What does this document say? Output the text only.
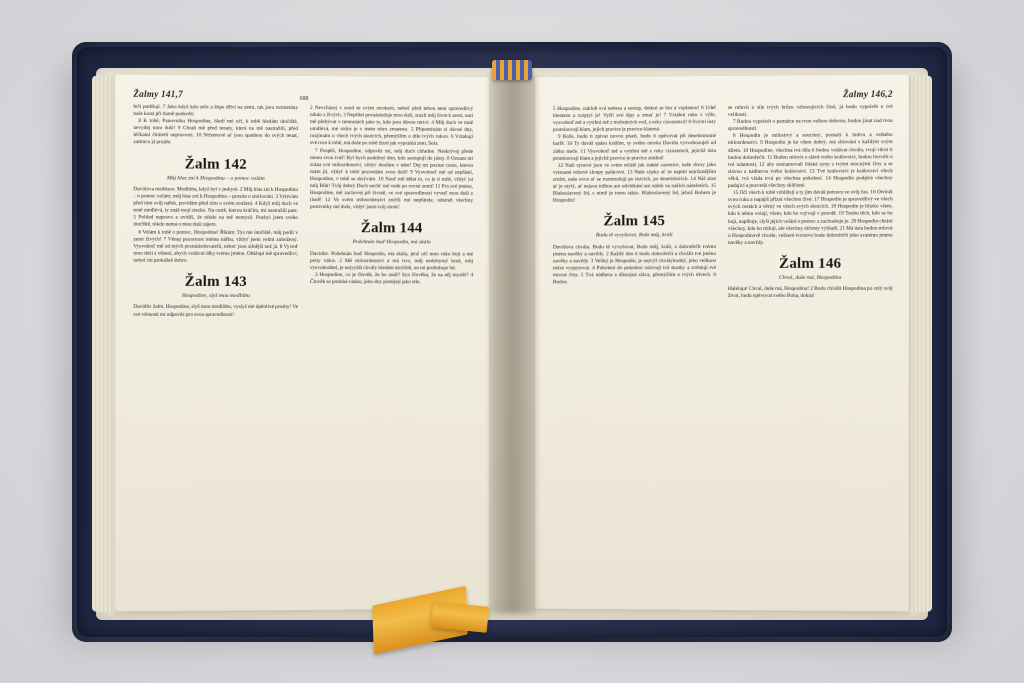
Žalmy 141,7	688

řeči potěšují. 7 Jako když kdo seče a štípe dříví na zemi, tak jsou rozmetány naše kosti při tlamě podsvětí.

8 K tobě, Panovníku Hospodine, hledí mé oči, k tobě hledám útočiště, nevydej mou duši! 9 Chraň mě před tenaty, která na mě nastražili, před léčkami činitelů nepravosti. 10 Ničemové ať jsou spadnou do svých tenat, zatímco já projdu.

Žalm 142
Můj hlas zní k Hospodinu – o pomoc volám

Davidova meditace. Modlitba, když byl v jeskyni. 2 Můj hlas zní k Hospodinu – o pomoc volám; můj hlas zní k Hospodinu – prosím o smilování. 3 Vylévám před ním svůj nářek, povídám před ním o svém soužení. 4 Když můj duch ve mně umdlévá, ty znáš moji stezku. Na cestě, kterou kráčím, mi nastražili past. 5 Pohled napravo a uvidíš, že nikdo na mě nemyslí. Pozbyl jsem svého útočiště, nikdo nemá o mou duši zájem.

6 Volám k tobě o pomoc, Hospodine! Říkám: Tys mé útočiště, můj podíl v zemi živých! 7 Věnuj pozornost mému nářku, vždyť jsem velmi zubožený. Vysvoboď mě od mých pronásledovatelů, neboť jsou silnější než já. 8 Vyveď mou duši z vězení, abych vzdával díky tvému jménu. Obklopí mě spravedliví, neboť mi prokážeš dobro.

Žalm 143
Hospodine, slyš mou modlitbu

Davidův žalm. Hospodine, slyš mou modlitbu, vyslyš mé úpěnlivé prosby! Ve své věrnosti mi odpověz pro svou spravedlnost!

2 Nevcházej v soud se svým otrokem, neboť před tebou není spravedlivý nikdo z živých. 3 Nepřítel pronásleduje mou duši, srazil můj život k zemi, nutí mě přebývat v temnotách jako ty, kdo jsou dávno mrtví. 4 Můj duch ve mně umdlévá, mé srdce je v mém nitru zmateno. 5 Připomínám si dávné dny, rozjímám o všech tvých skutcích, přemýšlím o díle tvých rukou. 6 Vztahuji své ruce k tobě, má duše po tobě žízní jak vyprahlá zem. Sela.

7 Pospěš, Hospodine, odpověz mi, můj duch chřadne. Neskrývej přede mnou svou tvář! Byl bych podobný těm, kdo sestupují do jámy. 8 Oznam mi zrána své milosrdenství, vždyť doufám v tebe! Dej mi poznat cestu, kterou mám jít, vždyť k tobě pozvedám svou duši! 9 Vysvoboď mě od nepřátel, Hospodine, v tobě se skrývám. 10 Nauč mě dělat to, co je ti milé, vždyť jsi můj Bůh! Tvůj dobrý Duch nechť mě vede po rovné zemi! 11 Pro své jméno, Hospodine, mě zachovej při životě, ve své spravedlnosti vyveď mou duši z tísně! 12 Ve svém milosrdenství zničíš mé nepřátele, odstraň všechny protivníky mé duše, vždyť jsem tvůj otrok!

Žalm 144
Požehnán buď Hospodin, má skála

Davidův. Požehnán buď Hospodin, má skála, jenž učí mou ruku boji a mé prsty válce. 2 Mé milosrdenství a má tvrz, můj nedobytný hrad, můj vysvoboditel, je nejvyšší chvály hledám útočiště, on mi podrobuje lid.

3 Hospodine, co je člověk, že ho znáš? Syn člověka, že na něj myslíš? 4 Člověk se podobá vánku, jeho dny pomíjejí jako stín.

Žalmy 146,2

5 Hospodine, nakloň svá nebesa a sestup, dotkni se hor a vzplanou! 6 Udeř bleskem a rozptyl je! Vyšli své šípy a zmať je! 7 Vztáhni ruku z výše, vysvoboď mě a vytrhni mě z mohutných vod, z ruky cizozemců! 8 Svými ústy promlouvají klam, jejich pravice je pravice klamná.

9 Bože, budu ti zpívat novou píseň, budu ti opěvovat při desetistrunné harfě. 10 Ty dáváš spásu králům, ty svého otroka Davida vysvobozuješ od zlého meče. 11 Vysvoboď mě a vytrhni mě z ruky cizozemců, jejichž ústa promlouvají klam a jejichž pravice je pravice zrádná!

12 Naši synové jsou ve svém mládí jak statné sazenice, naše dcery jako vytesané rohové sloupy palácové. 13 Naše sýpky ať se naplní nejrůznějším zrním, naše ovce ať se rozmnožují po tisících, po desetitisících. 14 Náš skot ať je otylý, ať nejsou tržbou ani odvlékání ani nářek na našich náměstích. 15 Blahoslavený lid, s nímž je tomu takto. Blahoslavený lid, jehož Bohem je Hospodin!

Žalm 145
Budu tě vyvyšovat, Bože můj, králi

Davidova chvála. Budu tě vyvyšovat, Bože můj, králi, a dobrořečit tvému jménu navěky a navždy. 2 Každý den ti budu dobrořečit a chválit tvé jméno navěky a navždy. 3 Veliký je Hospodin, je nejvýš chvályhodný, jeho velikost nelze vyzpytovat. 4 Pokolení do pokolení oslavují tvé skutky a zvěstují tvé mocné činy. 5 Tvá nádhera a důstojná sláva, přemýšlím o tvých divech. 6 Budou

se mluvit o síle tvých hrůzu vzbuzujících činů, já budu vyprávět o tvé velikosti.

7 Budou vyprávět o památce na tvou velkou dobrotu, budou jásat nad tvou spravedlností.

8 Hospodin je milostivý a soucitný, pomalý k hněvu a velkého milosrdenství. 9 Hospodin je ke všem dobrý, má slitování s každým svým dílem. 10 Hospodine, všechna tvá díla ti budou vzdávat chválu, tvoji věrní ti budou dobrořečit. 11 Budou mluvit o slávě tvého království, budou hovořit o tvé udatnosti, 12 aby seznamovali lidské syny s tvými mocnými činy a se slávou a nádherou tvého království. 13 Tvé království je království všech věků, tvá vláda trvá po všechna pokolení. 14 Hospodin podpírá všechny padající a pozvedá všechny sklíčené.

15 Oči všech k tobě vzhlížejí a ty jim dáváš potravu ve svůj čas. 16 Otvíráš svou ruku a napájíš přízní všechno živé. 17 Hospodin je spravedlivý ve všech svých cestách a věrný ve všech svých skutcích. 18 Hospodin je blízko všem, kdo k němu volají, všem, kdo ho vzývají v pravdě. 19 Touhu těch, kdo se ho bojí, naplňuje, slyší jejich volání o pomoc a zachraňuje je. 20 Hospodin chrání všechny, kdo ho milují, ale všechny ničemy vyhladí. 21 Má ústa budou mluvit o Hospodinově chvále, veškeré tvorstvo bude dobrořečit jeho svatému jménu navěky a navždy.

Žalm 146
Chval, duše má, Hospodina

Haleluja! Chval, duše má, Hospodina! 2 Budu chválit Hospodina po celý svůj život, budu opěvovat svého Boha, dokud
